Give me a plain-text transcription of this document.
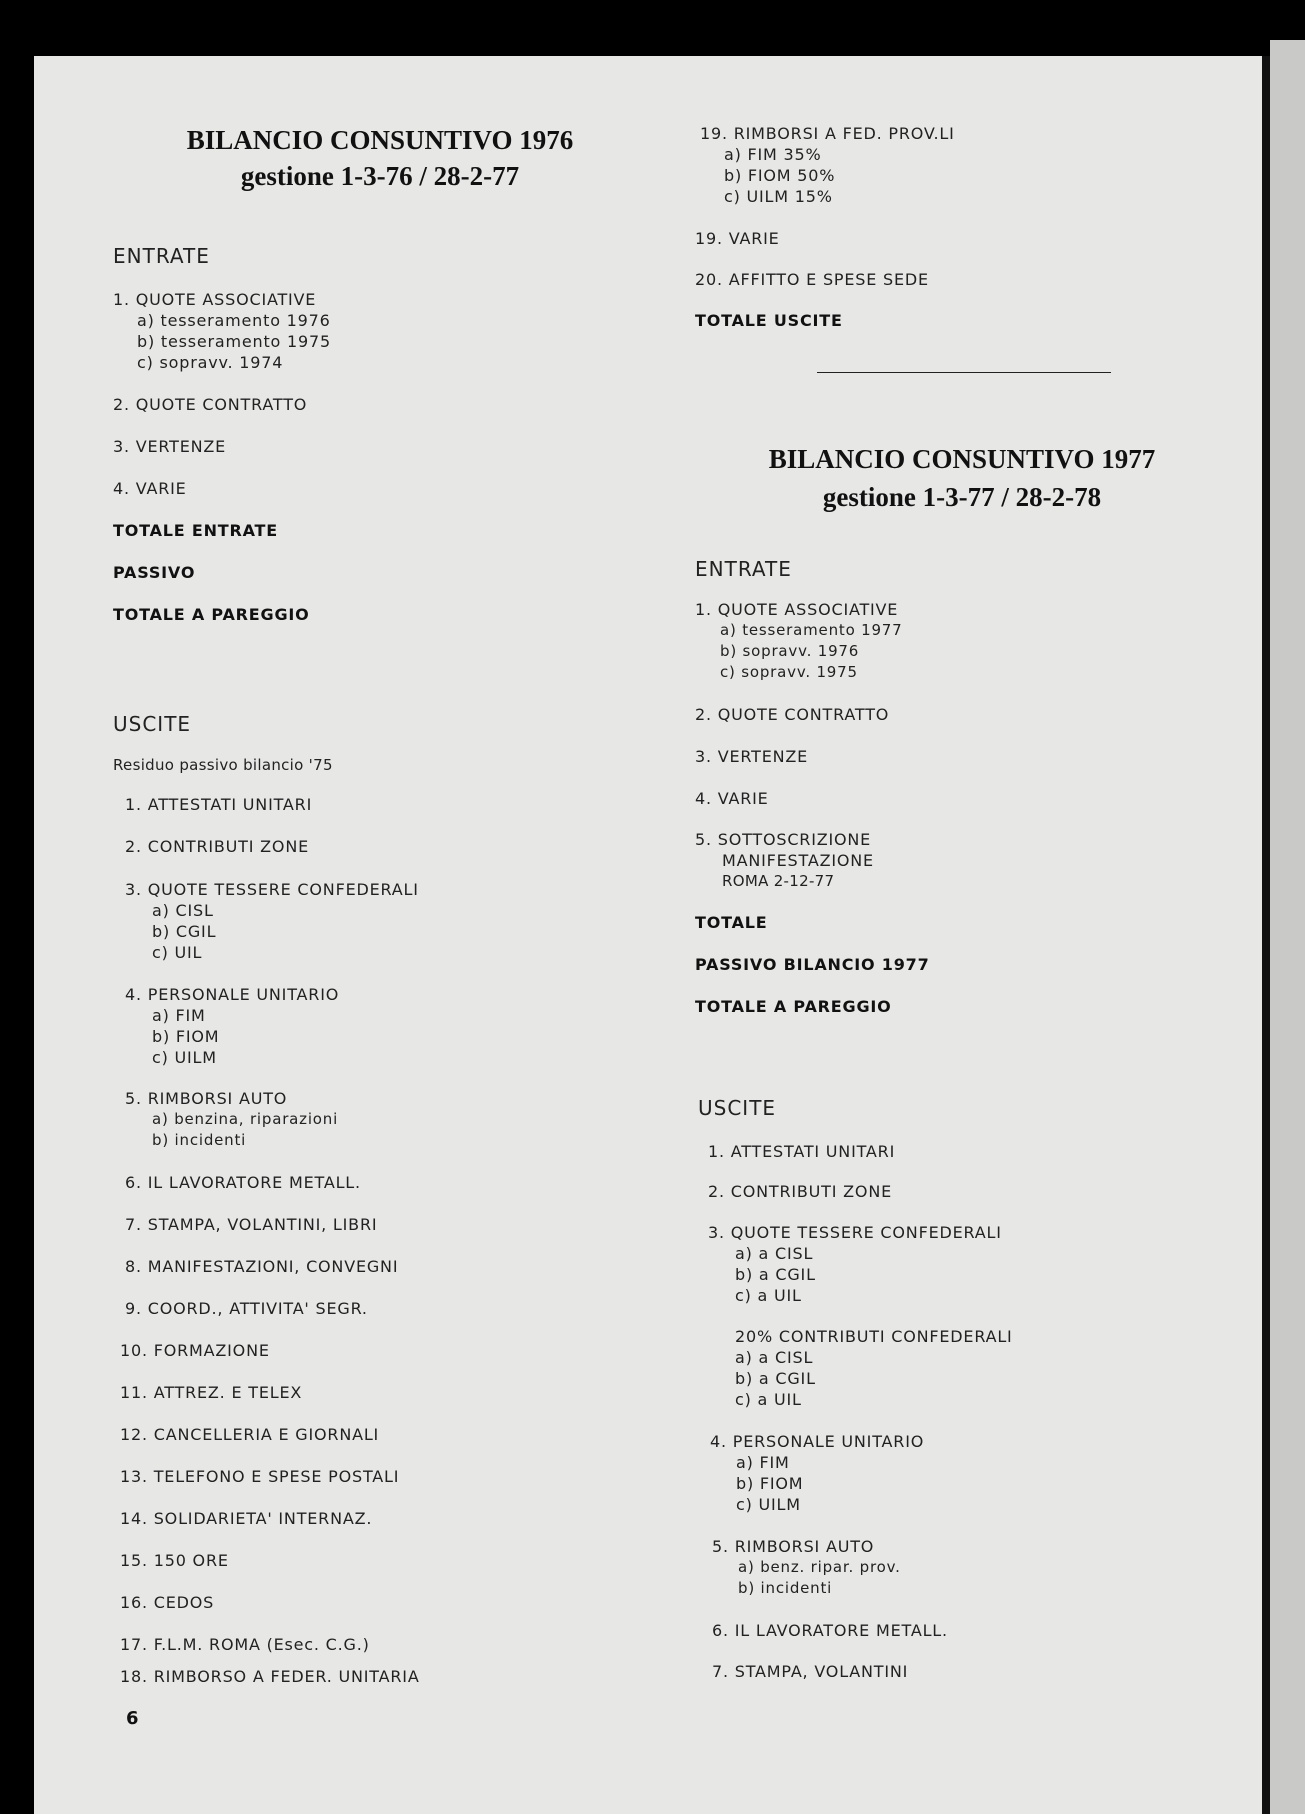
BILANCIO CONSUNTIVO 1976
gestione 1-3-76 / 28-2-77
ENTRATE
1. QUOTE ASSOCIATIVE
a) tesseramento 1976
b) tesseramento 1975
c) sopravv. 1974
2. QUOTE CONTRATTO
3. VERTENZE
4. VARIE
TOTALE ENTRATE
PASSIVO
TOTALE A PAREGGIO
USCITE
Residuo passivo bilancio '75
1. ATTESTATI UNITARI
2. CONTRIBUTI ZONE
3. QUOTE TESSERE CONFEDERALI
a) CISL
b) CGIL
c) UIL
4. PERSONALE UNITARIO
a) FIM
b) FIOM
c) UILM
5. RIMBORSI AUTO
a) benzina, riparazioni
b) incidenti
6. IL LAVORATORE METALL.
7. STAMPA, VOLANTINI, LIBRI
8. MANIFESTAZIONI, CONVEGNI
9. COORD., ATTIVITA' SEGR.
10. FORMAZIONE
11. ATTREZ. E TELEX
12. CANCELLERIA E GIORNALI
13. TELEFONO E SPESE POSTALI
14. SOLIDARIETA' INTERNAZ.
15. 150 ORE
16. CEDOS
17. F.L.M. ROMA (Esec. C.G.)
18. RIMBORSO A FEDER. UNITARIA
6
19. RIMBORSI A FED. PROV.LI
a) FIM 35%
b) FIOM 50%
c) UILM 15%
19. VARIE
20. AFFITTO E SPESE SEDE
TOTALE USCITE
BILANCIO CONSUNTIVO 1977
gestione 1-3-77 / 28-2-78
ENTRATE
1. QUOTE ASSOCIATIVE
a) tesseramento 1977
b) sopravv. 1976
c) sopravv. 1975
2. QUOTE CONTRATTO
3. VERTENZE
4. VARIE
5. SOTTOSCRIZIONE
MANIFESTAZIONE
ROMA 2-12-77
TOTALE
PASSIVO BILANCIO 1977
TOTALE A PAREGGIO
USCITE
1. ATTESTATI UNITARI
2. CONTRIBUTI ZONE
3. QUOTE TESSERE CONFEDERALI
a) a CISL
b) a CGIL
c) a UIL
20% CONTRIBUTI CONFEDERALI
a) a CISL
b) a CGIL
c) a UIL
4. PERSONALE UNITARIO
a) FIM
b) FIOM
c) UILM
5. RIMBORSI AUTO
a) benz. ripar. prov.
b) incidenti
6. IL LAVORATORE METALL.
7. STAMPA, VOLANTINI
